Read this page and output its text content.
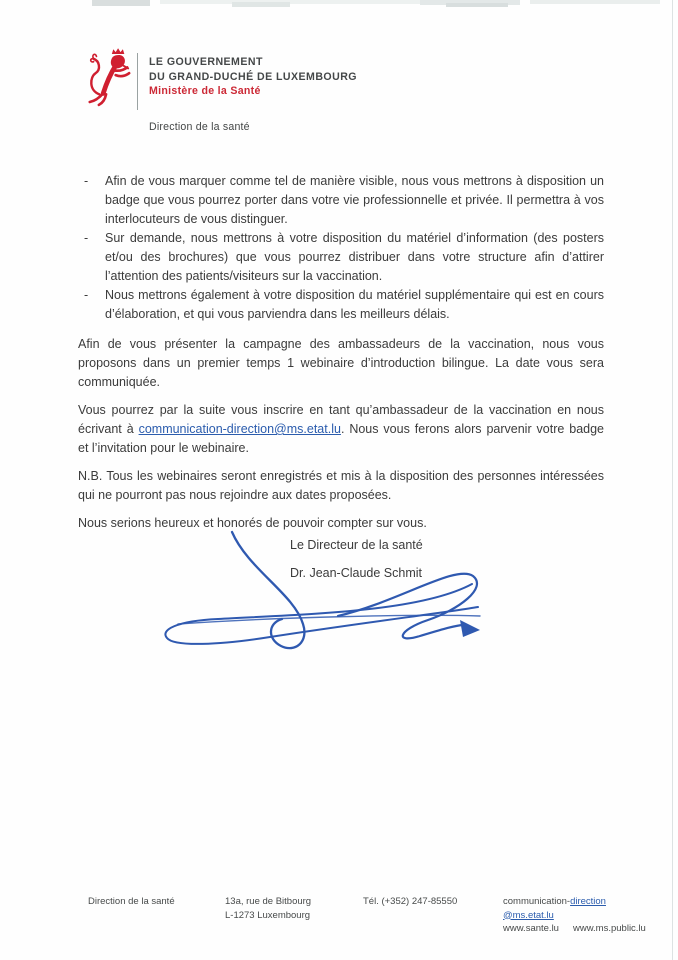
LE GOUVERNEMENT
DU GRAND-DUCHÉ DE LUXEMBOURG
Ministère de la Santé
Direction de la santé
- Afin de vous marquer comme tel de manière visible, nous vous mettrons à disposition un badge que vous pourrez porter dans votre vie professionnelle et privée. Il permettra à vos interlocuteurs de vous distinguer.
- Sur demande, nous mettrons à votre disposition du matériel d’information (des posters et/ou des brochures) que vous pourrez distribuer dans votre structure afin d’attirer l’attention des patients/visiteurs sur la vaccination.
- Nous mettrons également à votre disposition du matériel supplémentaire qui est en cours d’élaboration, et qui vous parviendra dans les meilleurs délais.

Afin de vous présenter la campagne des ambassadeurs de la vaccination, nous vous proposons dans un premier temps 1 webinaire d’introduction bilingue. La date vous sera communiquée.

Vous pourrez par la suite vous inscrire en tant qu’ambassadeur de la vaccination en nous écrivant à communication-direction@ms.etat.lu. Nous vous ferons alors parvenir votre badge et l’invitation pour le webinaire.

N.B. Tous les webinaires seront enregistrés et mis à la disposition des personnes intéressées qui ne pourront pas nous rejoindre aux dates proposées.

Nous serions heureux et honorés de pouvoir compter sur vous.

Le Directeur de la santé
Dr. Jean-Claude Schmit
Direction de la santé	13a, rue de Bitbourg
L-1273 Luxembourg
Tél. (+352) 247-85550	communication-direction
@ms.etat.lu
www.sante.lu www.ms.public.lu
